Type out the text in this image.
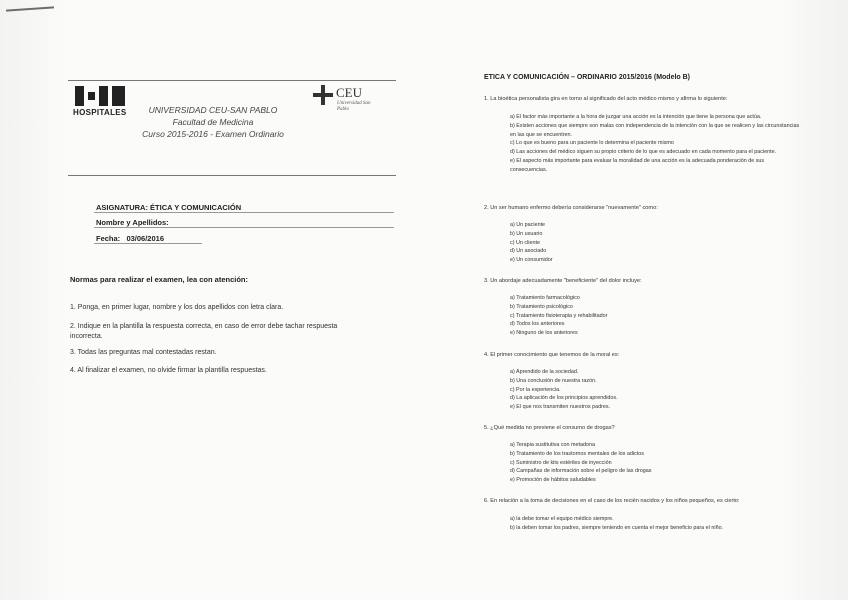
HOSPITALES
CEU
Universidad San Pablo
UNIVERSIDAD CEU-SAN PABLO
Facultad de Medicina
Curso 2015-2016 - Examen Ordinario
ASIGNATURA: ÉTICA Y COMUNICACIÓN
Nombre y Apellidos:
Fecha: 03/06/2016
Normas para realizar el examen, lea con atención:
1. Ponga, en primer lugar, nombre y los dos apellidos con letra clara.
2. Indique en la plantilla la respuesta correcta, en caso de error debe tachar respuesta incorrecta.
3. Todas las preguntas mal contestadas restan.
4. Al finalizar el examen, no olvide firmar la plantilla respuestas.
ETICA Y COMUNICACIÓN – ORDINARIO 2015/2016 (Modelo B)
1. La bioética personalista gira en torno al significado del acto médico mismo y afirma lo siguiente:
a) El factor más importante a la hora de juzgar una acción es la intención que tiene la persona que actúa.
b) Existen acciones que siempre son malas con independencia de la intención con la que se realicen y las circunstancias en las que se encuentren.
c) Lo que es bueno para un paciente lo determina el paciente mismo
d) Las acciones del médico siguen su propio criterio de lo que es adecuado en cada momento para el paciente.
e) El aspecto más importante para evaluar la moralidad de una acción es la adecuada ponderación de sus consecuencias.
2. Un ser humano enfermo debería considerarse "nuevamente" como:
a) Un paciente
b) Un usuario
c) Un cliente
d) Un asociado
e) Un consumidor
3. Un abordaje adecuadamente "beneficiente" del dolor incluye:
a) Tratamiento farmacológico
b) Tratamiento psicológico
c) Tratamiento fisioterapia y rehabilitador
d) Todos los anteriores
e) Ninguno de los anteriores
4. El primer conocimiento que tenemos de la moral es:
a) Aprendido de la sociedad.
b) Una conclusión de nuestra razón.
c) Por la experiencia.
d) La aplicación de los principios aprendidos.
e) El que nos transmiten nuestros padres.
5. ¿Qué medida no previene el consumo de drogas?
a) Terapia sustitutiva con metadona
b) Tratamiento de los trastornos mentales de los adictos
c) Suministro de kits estériles de inyección
d) Campañas de información sobre el peligro de las drogas
e) Promoción de hábitos saludables
6. En relación a la toma de decisiones en el caso de los recién nacidos y los niños pequeños, es cierto:
a) la debe tomar el equipo médico siempre.
b) la deben tomar los padres, siempre teniendo en cuenta el mejor beneficio para el niño.
